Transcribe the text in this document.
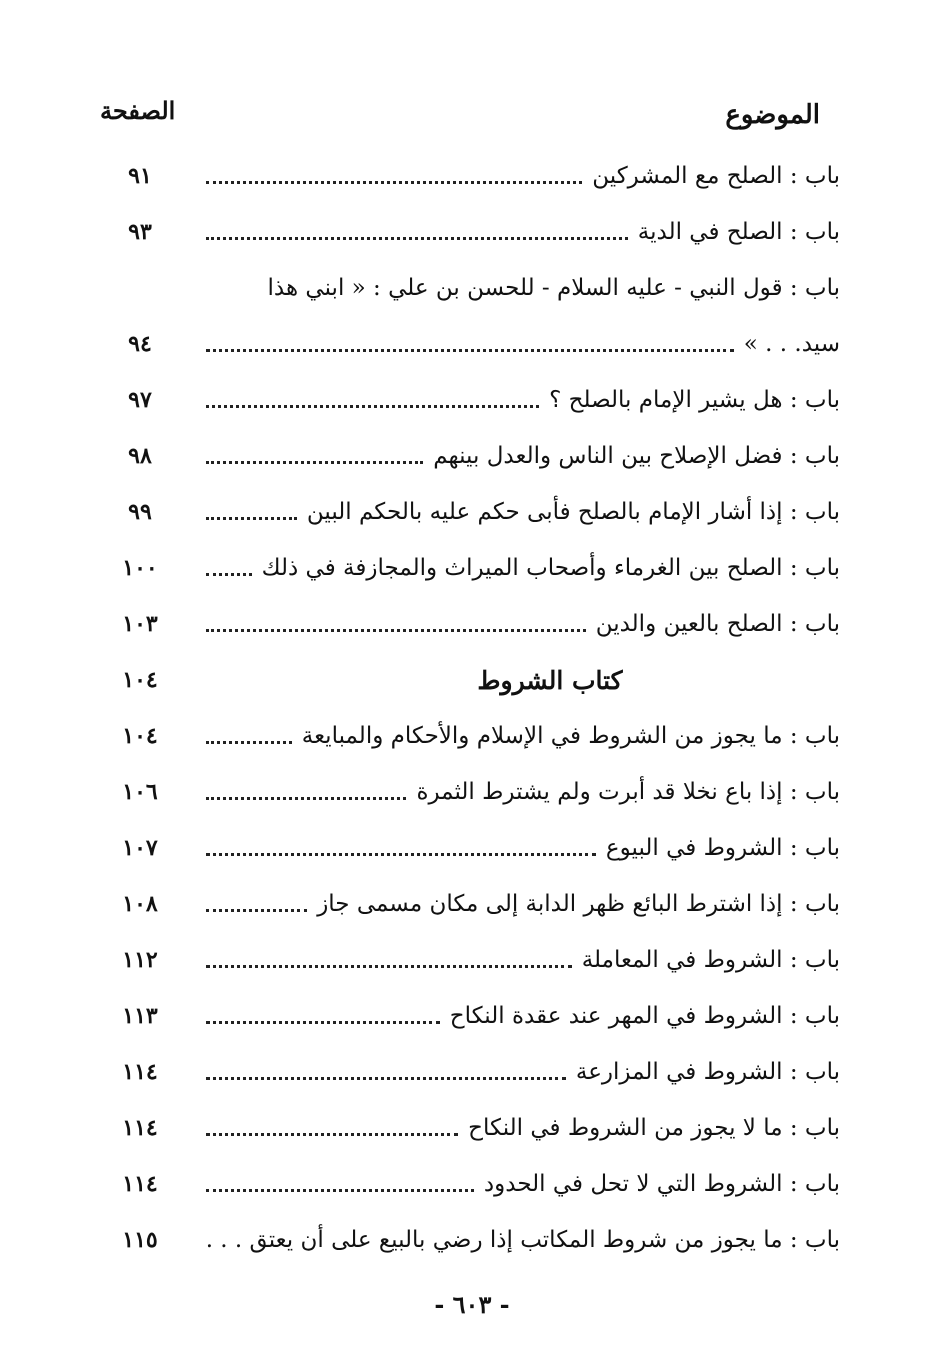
الموضوع
الصفحة
باب : الصلح مع المشركين
٩١
باب : الصلح في الدية
٩٣
باب : قول النبي - عليه السلام - للحسن بن علي : « ابني هذا
سيد. . . »
٩٤
باب : هل يشير الإمام بالصلح ؟
٩٧
باب : فضل الإصلاح بين الناس والعدل بينهم
٩٨
باب : إذا أشار الإمام بالصلح فأبى حكم عليه بالحكم البين
٩٩
باب : الصلح بين الغرماء وأصحاب الميراث والمجازفة في ذلك
١٠٠
باب : الصلح بالعين والدين
١٠٣
كتاب الشروط
١٠٤
باب : ما يجوز من الشروط في الإسلام والأحكام والمبايعة
١٠٤
باب : إذا باع نخلا قد أبرت ولم يشترط الثمرة
١٠٦
باب : الشروط في البيوع
١٠٧
باب : إذا اشترط البائع ظهر الدابة إلى مكان مسمى جاز
١٠٨
باب : الشروط في المعاملة
١١٢
باب : الشروط في المهر عند عقدة النكاح
١١٣
باب : الشروط في المزارعة
١١٤
باب : ما لا يجوز من الشروط في النكاح
١١٤
باب : الشروط التي لا تحل في الحدود
١١٤
باب : ما يجوز من شروط المكاتب إذا رضي بالبيع على أن يعتق . . .
١١٥
- ٦٠٣ -
